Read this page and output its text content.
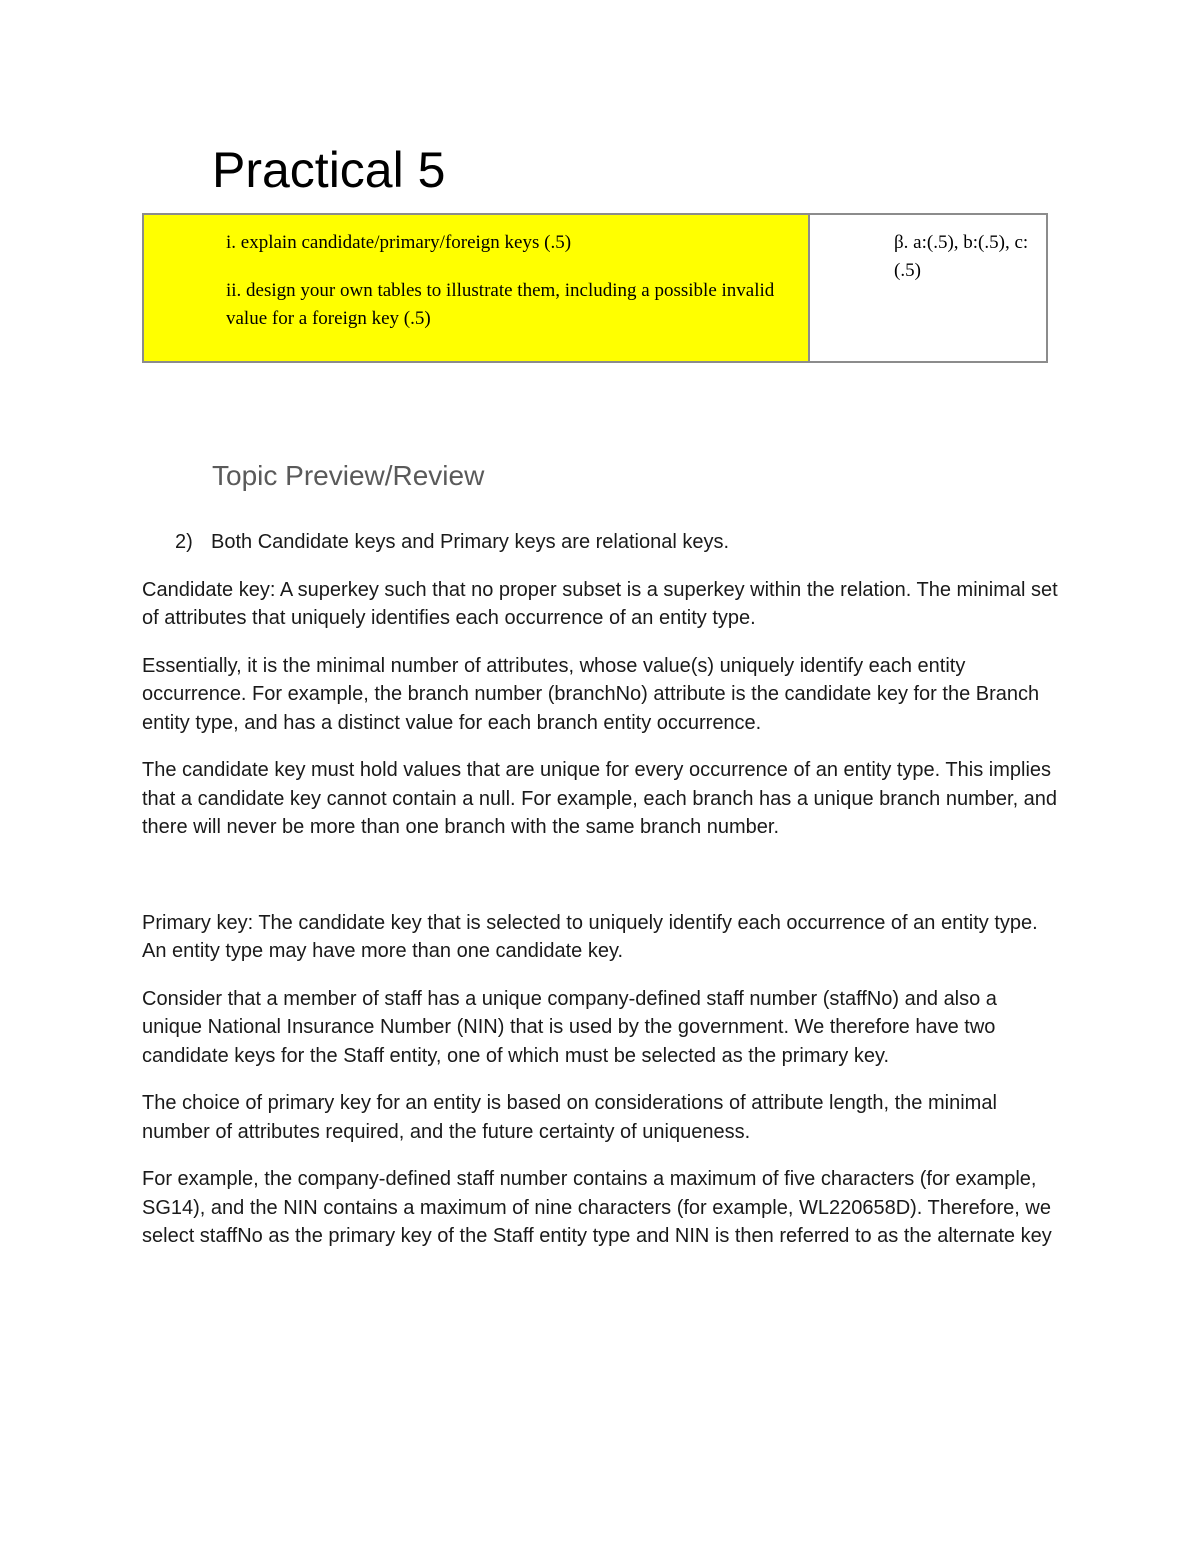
Practical 5

i. explain candidate/primary/foreign keys (.5)

ii. design your own tables to illustrate them, including a possible invalid value for a foreign key (.5)

β. a:(.5), b:(.5), c:(.5)
Topic Preview/Review
2) Both Candidate keys and Primary keys are relational keys.

Candidate key: A superkey such that no proper subset is a superkey within the relation. The minimal set of attributes that uniquely identifies each occurrence of an entity type.

Essentially, it is the minimal number of attributes, whose value(s) uniquely identify each entity occurrence. For example, the branch number (branchNo) attribute is the candidate key for the Branch entity type, and has a distinct value for each branch entity occurrence.

The candidate key must hold values that are unique for every occurrence of an entity type. This implies that a candidate key cannot contain a null. For example, each branch has a unique branch number, and there will never be more than one branch with the same branch number.

Primary key: The candidate key that is selected to uniquely identify each occurrence of an entity type. An entity type may have more than one candidate key.

Consider that a member of staff has a unique company-defined staff number (staffNo) and also a unique National Insurance Number (NIN) that is used by the government. We therefore have two candidate keys for the Staff entity, one of which must be selected as the primary key.

The choice of primary key for an entity is based on considerations of attribute length, the minimal number of attributes required, and the future certainty of uniqueness.

For example, the company-defined staff number contains a maximum of five characters (for example, SG14), and the NIN contains a maximum of nine characters (for example, WL220658D). Therefore, we select staffNo as the primary key of the Staff entity type and NIN is then referred to as the alternate key
